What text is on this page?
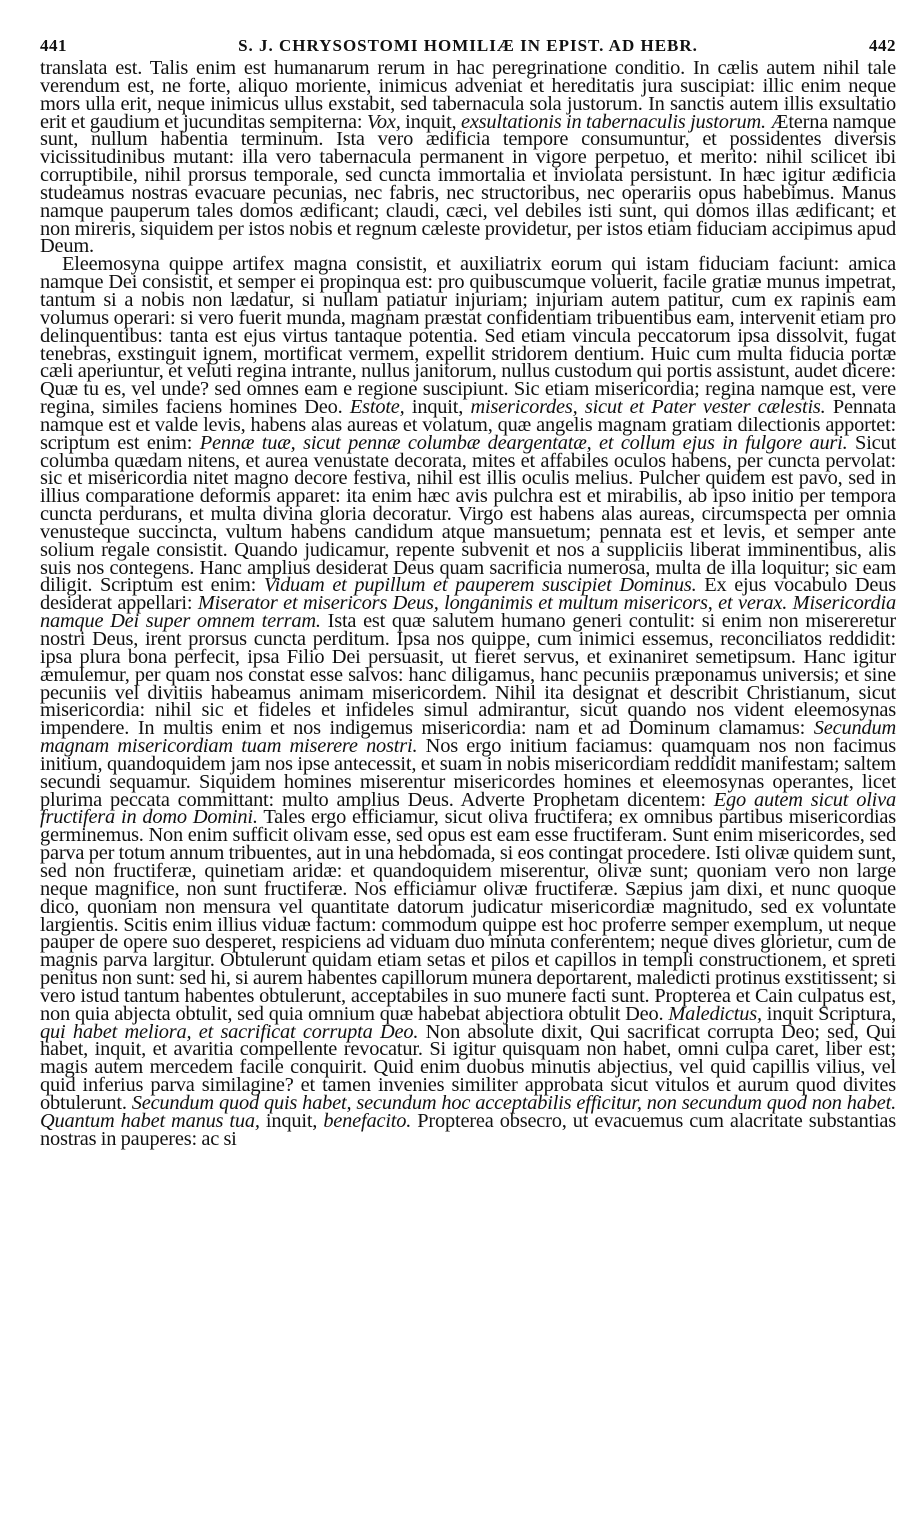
441	S. J. CHRYSOSTOMI HOMILIÆ IN EPIST. AD HEBR.	442

translata est. Talis enim est humanarum rerum in hac peregrinatione conditio. In cælis autem nihil tale verendum est, ne forte, aliquo moriente, inimicus adveniat et hereditatis jura suscipiat: illic enim neque mors ulla erit, neque inimicus ullus exstabit, sed tabernacula sola justorum. In sanctis autem illis exsultatio erit et gaudium et jucunditas sempiterna: Vox, inquit, exsultationis in tabernaculis justorum. Æterna namque sunt, nullum habentia terminum. Ista vero ædificia tempore consumuntur, et possidentes diversis vicissitudinibus mutant: illa vero tabernacula permanent in vigore perpetuo, et merito: nihil scilicet ibi corruptibile, nihil prorsus temporale, sed cuncta immortalia et inviolata persistunt. In hæc igitur ædificia studeamus nostras evacuare pecunias, nec fabris, nec structoribus, nec operariis opus habebimus. Manus namque pauperum tales domos ædificant; claudi, cæci, vel debiles isti sunt, qui domos illas ædificant; et non mireris, siquidem per istos nobis et regnum cæleste providetur, per istos etiam fiduciam accipimus apud Deum.

Eleemosyna quippe artifex magna consistit, et auxiliatrix eorum qui istam fiduciam faciunt: amica namque Dei consistit, et semper ei propinqua est: pro quibuscumque voluerit, facile gratiæ munus impetrat, tantum si a nobis non lædatur, si nullam patiatur injuriam; injuriam autem patitur, cum ex rapinis eam volumus operari: si vero fuerit munda, magnam præstat confidentiam tribuentibus eam, intervenit etiam pro delinquentibus: tanta est ejus virtus tantaque potentia. Sed etiam vincula peccatorum ipsa dissolvit, fugat tenebras, exstinguit ignem, mortificat vermem, expellit stridorem dentium. Huic cum multa fiducia portæ cæli aperiuntur, et veluti regina intrante, nullus janitorum, nullus custodum qui portis assistunt, audet dicere: Quæ tu es, vel unde? sed omnes eam e regione suscipiunt. Sic etiam misericordia; regina namque est, vere regina, similes faciens homines Deo. Estote, inquit, misericordes, sicut et Pater vester cælestis. Pennata namque est et valde levis, habens alas aureas et volatum, quæ angelis magnam gratiam dilectionis apportet: scriptum est enim: Pennæ tuæ, sicut pennæ columbæ deargentatæ, et collum ejus in fulgore auri. Sicut columba quædam nitens, et aurea venustate decorata, mites et affabiles oculos habens, per cuncta pervolat: sic et misericordia nitet magno decore festiva, nihil est illis oculis melius. Pulcher quidem est pavo, sed in illius comparatione deformis apparet: ita enim hæc avis pulchra est et mirabilis, ab ipso initio per tempora cuncta perdurans, et multa divina gloria decoratur. Virgo est habens alas aureas, circumspecta per omnia venusteque succincta, vultum habens candidum atque mansuetum; pennata est et levis, et semper ante solium regale consistit. Quando judicamur, repente subvenit et nos a suppliciis liberat imminentibus, alis suis nos contegens. Hanc amplius desiderat Deus quam sacrificia numerosa, multa de illa loquitur; sic eam diligit. Scriptum est enim: Viduam et pupillum et pauperem suscipiet Dominus. Ex ejus vocabulo Deus desiderat appellari: Miserator et misericors Deus, longanimis et multum misericors, et verax. Misericordia namque Dei super omnem terram. Ista est quæ salutem humano generi contulit: si enim non misereretur nostri Deus, irent prorsus cuncta perditum. Ipsa nos quippe, cum inimici essemus, reconciliatos reddidit: ipsa plura bona perfecit, ipsa Filio Dei persuasit, ut fieret servus, et exinaniret semetipsum. Hanc igitur æmulemur, per quam nos constat esse salvos: hanc diligamus, hanc pecuniis præponamus universis; et sine pecuniis vel divitiis habeamus animam misericordem. Nihil ita designat et describit Christianum, sicut misericordia: nihil sic et fideles et infideles simul admirantur, sicut quando nos vident eleemosynas impendere. In multis enim et nos indigemus misericordia: nam et ad Dominum clamamus: Secundum magnam misericordiam tuam miserere nostri. Nos ergo initium faciamus: quamquam nos non facimus initium, quandoquidem jam nos ipse antecessit, et suam in nobis misericordiam reddidit manifestam; saltem secundi sequamur. Siquidem homines miserentur misericordes homines et eleemosynas operantes, licet plurima peccata committant: multo amplius Deus. Adverte Prophetam dicentem: Ego autem sicut oliva fructifera in domo Domini. Tales ergo efficiamur, sicut oliva fructifera; ex omnibus partibus misericordias germinemus. Non enim sufficit olivam esse, sed opus est eam esse fructiferam. Sunt enim misericordes, sed parva per totum annum tribuentes, aut in una hebdomada, si eos contingat procedere. Isti olivæ quidem sunt, sed non fructiferæ, quinetiam aridæ: et quandoquidem miserentur, olivæ sunt; quoniam vero non large neque magnifice, non sunt fructiferæ. Nos efficiamur olivæ fructiferæ. Sæpius jam dixi, et nunc quoque dico, quoniam non mensura vel quantitate datorum judicatur misericordiæ magnitudo, sed ex voluntate largientis. Scitis enim illius viduæ factum: commodum quippe est hoc proferre semper exemplum, ut neque pauper de opere suo desperet, respiciens ad viduam duo minuta conferentem; neque dives glorietur, cum de magnis parva largitur. Obtulerunt quidam etiam setas et pilos et capillos in templi constructionem, et spreti penitus non sunt: sed hi, si aurem habentes capillorum munera deportarent, maledicti protinus exstitissent; si vero istud tantum habentes obtulerunt, acceptabiles in suo munere facti sunt. Propterea et Cain culpatus est, non quia abjecta obtulit, sed quia omnium quæ habebat abjectiora obtulit Deo. Maledictus, inquit Scriptura, qui habet meliora, et sacrificat corrupta Deo. Non absolute dixit, Qui sacrificat corrupta Deo; sed, Qui habet, inquit, et avaritia compellente revocatur. Si igitur quisquam non habet, omni culpa caret, liber est; magis autem mercedem facile conquirit. Quid enim duobus minutis abjectius, vel quid capillis vilius, vel quid inferius parva similagine? et tamen invenies similiter approbata sicut vitulos et aurum quod divites obtulerunt. Secundum quod quis habet, secundum hoc acceptabilis efficitur, non secundum quod non habet. Quantum habet manus tua, inquit, benefacito. Propterea obsecro, ut evacuemus cum alacritate substantias nostras in pauperes: ac si
